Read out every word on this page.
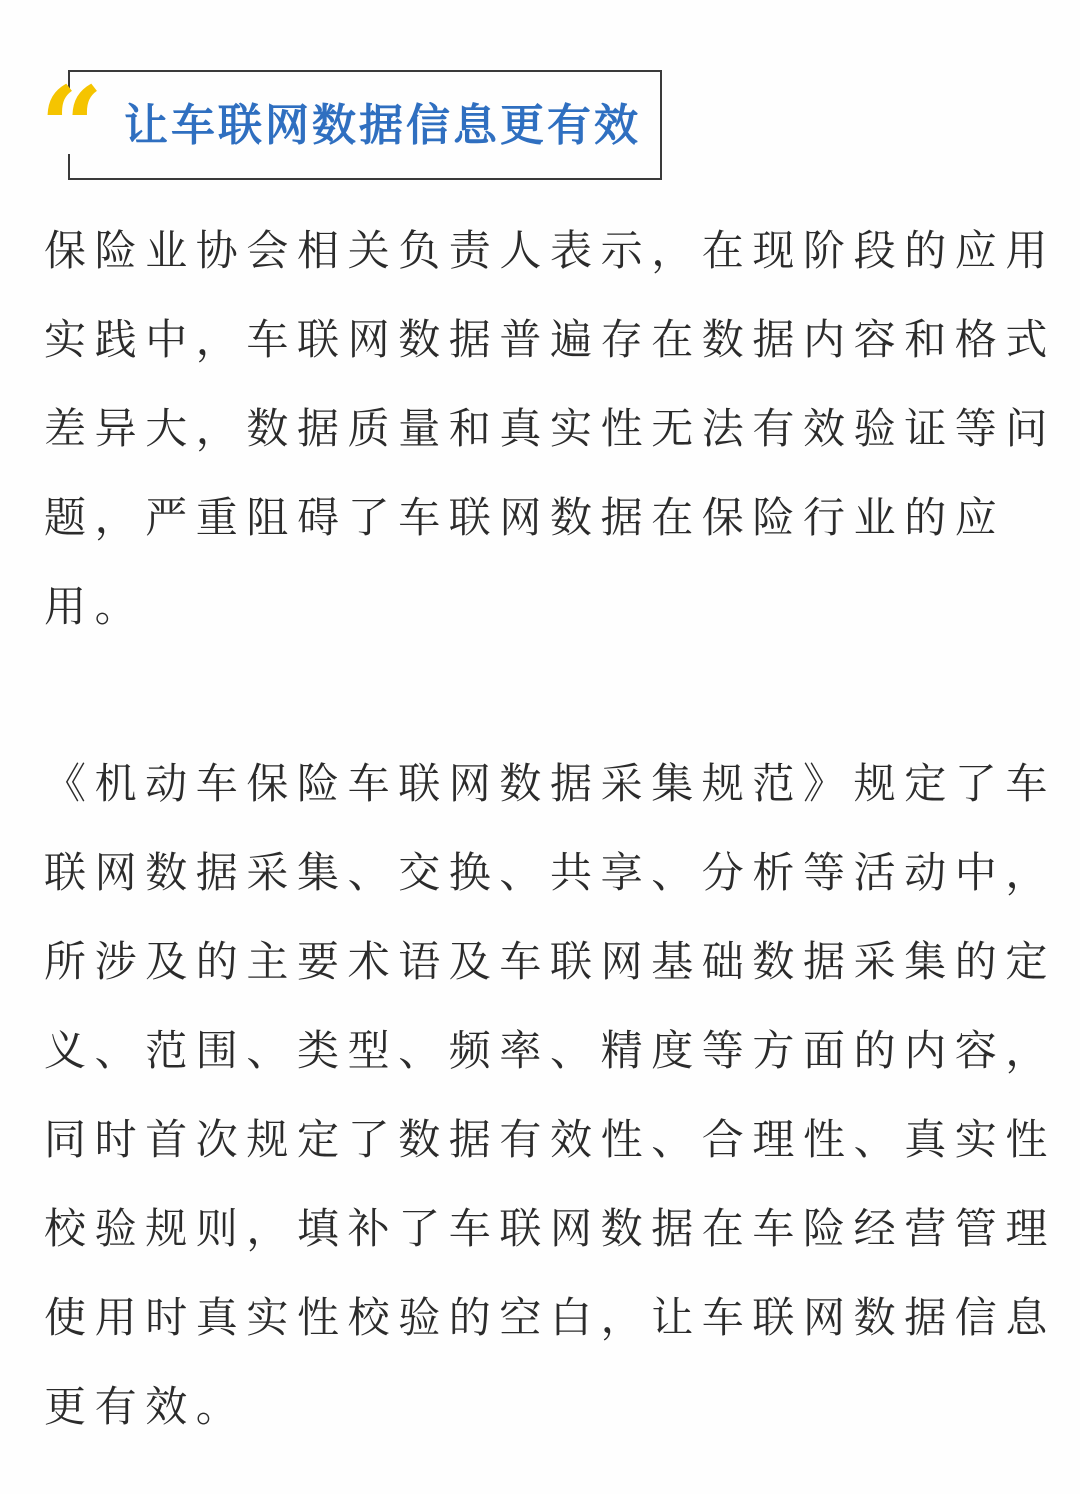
“ 让车联网数据信息更有效
保险业协会相关负责人表示，在现阶段的应用
实践中，车联网数据普遍存在数据内容和格式
差异大，数据质量和真实性无法有效验证等问
题，严重阻碍了车联网数据在保险行业的应
用。
《机动车保险车联网数据采集规范》规定了车
联网数据采集、交换、共享、分析等活动中，
所涉及的主要术语及车联网基础数据采集的定
义、范围、类型、频率、精度等方面的内容，
同时首次规定了数据有效性、合理性、真实性
校验规则，填补了车联网数据在车险经营管理
使用时真实性校验的空白，让车联网数据信息
更有效。
